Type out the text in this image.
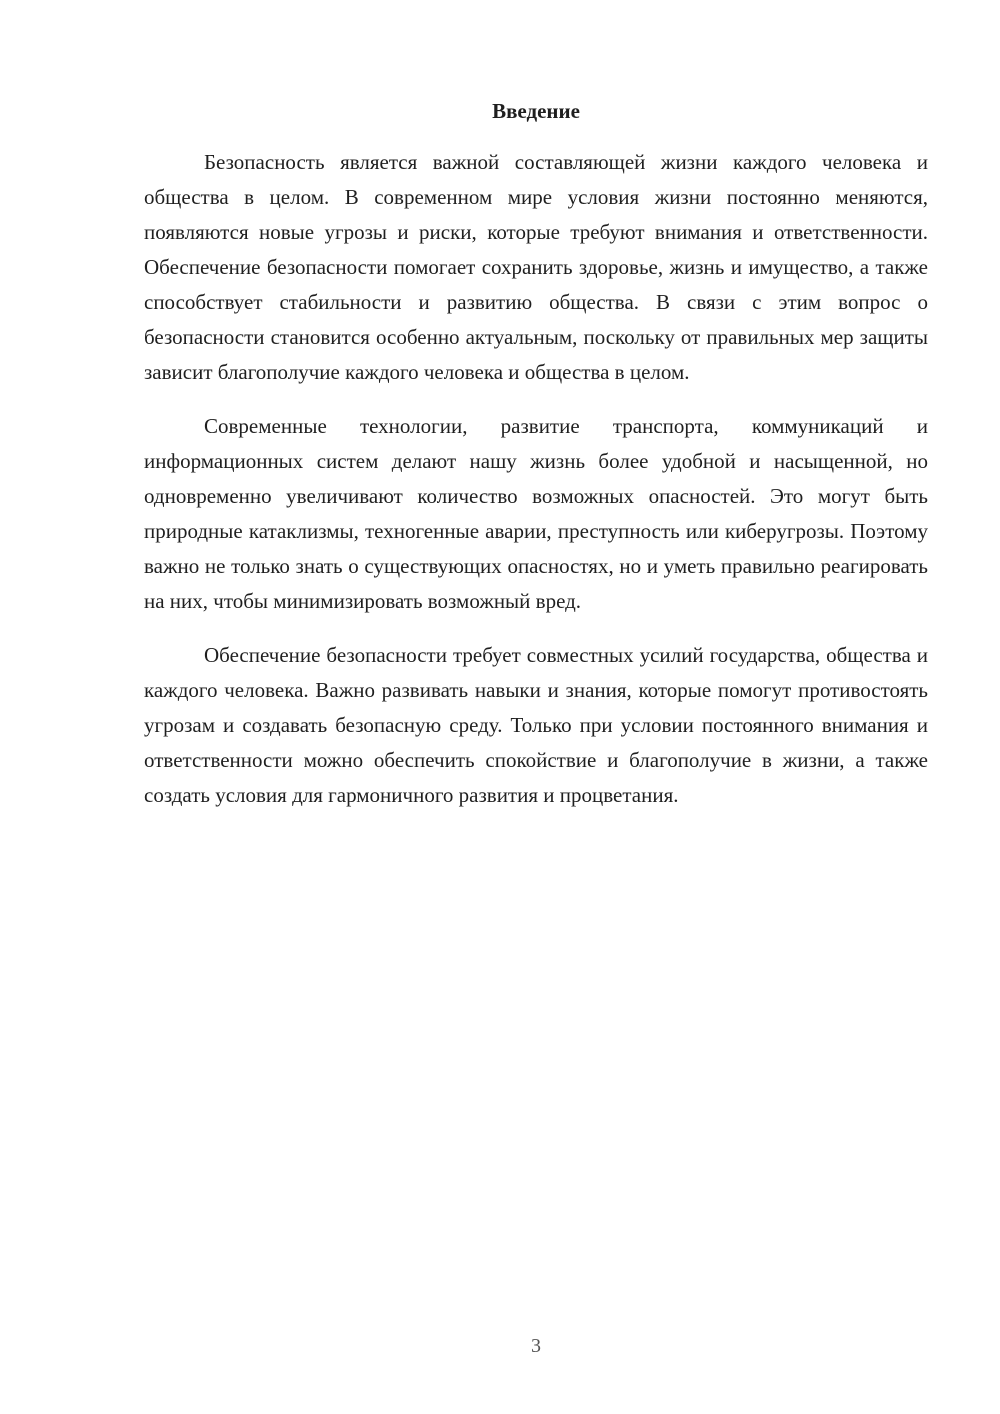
Введение

Безопасность является важной составляющей жизни каждого человека и общества в целом. В современном мире условия жизни постоянно меняются, появляются новые угрозы и риски, которые требуют внимания и ответственности. Обеспечение безопасности помогает сохранить здоровье, жизнь и имущество, а также способствует стабильности и развитию общества. В связи с этим вопрос о безопасности становится особенно актуальным, поскольку от правильных мер защиты зависит благополучие каждого человека и общества в целом.

Современные технологии, развитие транспорта, коммуникаций и информационных систем делают нашу жизнь более удобной и насыщенной, но одновременно увеличивают количество возможных опасностей. Это могут быть природные катаклизмы, техногенные аварии, преступность или киберугрозы. Поэтому важно не только знать о существующих опасностях, но и уметь правильно реагировать на них, чтобы минимизировать возможный вред.

Обеспечение безопасности требует совместных усилий государства, общества и каждого человека. Важно развивать навыки и знания, которые помогут противостоять угрозам и создавать безопасную среду. Только при условии постоянного внимания и ответственности можно обеспечить спокойствие и благополучие в жизни, а также создать условия для гармоничного развития и процветания.

3
